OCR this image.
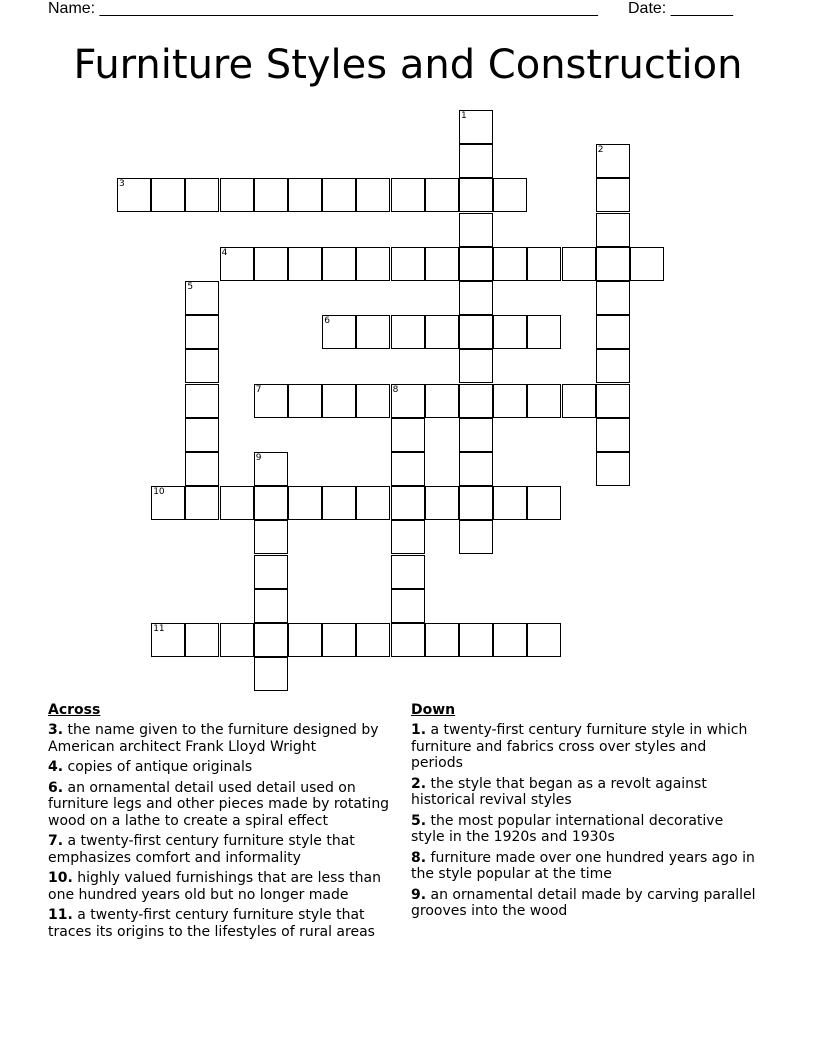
Name: ________________________________________________________ Date: _______
Furniture Styles and Construction
1
2
3
4
5
6
7	8
9
10
11
Across
3. the name given to the furniture designed by American architect Frank Lloyd Wright
4. copies of antique originals
6. an ornamental detail used detail used on furniture legs and other pieces made by rotating wood on a lathe to create a spiral effect
7. a twenty-first century furniture style that emphasizes comfort and informality
10. highly valued furnishings that are less than one hundred years old but no longer made
11. a twenty-first century furniture style that traces its origins to the lifestyles of rural areas
Down
1. a twenty-first century furniture style in which furniture and fabrics cross over styles and periods
2. the style that began as a revolt against historical revival styles
5. the most popular international decorative style in the 1920s and 1930s
8. furniture made over one hundred years ago in the style popular at the time
9. an ornamental detail made by carving parallel grooves into the wood
